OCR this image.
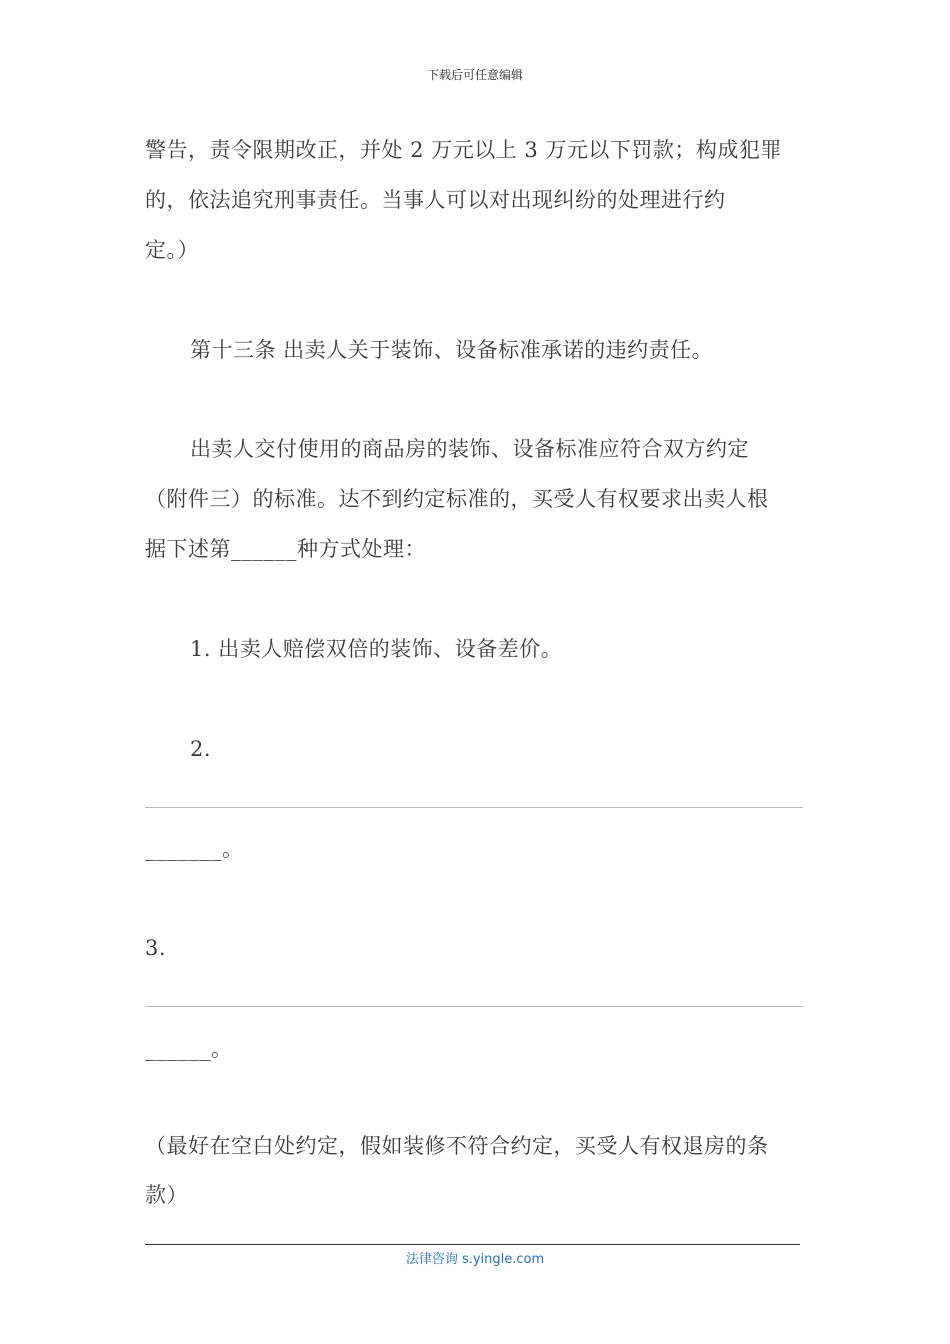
下载后可任意编辑
警告，责令限期改正，并处 2 万元以上 3 万元以下罚款；构成犯罪
的，依法追究刑事责任。当事人可以对出现纠纷的处理进行约
定。）
第十三条 出卖人关于装饰、设备标准承诺的违约责任。
出卖人交付使用的商品房的装饰、设备标准应符合双方约定
（附件三）的标准。达不到约定标准的，买受人有权要求出卖人根
据下述第______种方式处理：
1. 出卖人赔偿双倍的装饰、设备差价。
2.
_______。
3.
______。
（最好在空白处约定，假如装修不符合约定，买受人有权退房的条
款）
法律咨询 s.yingle.com
